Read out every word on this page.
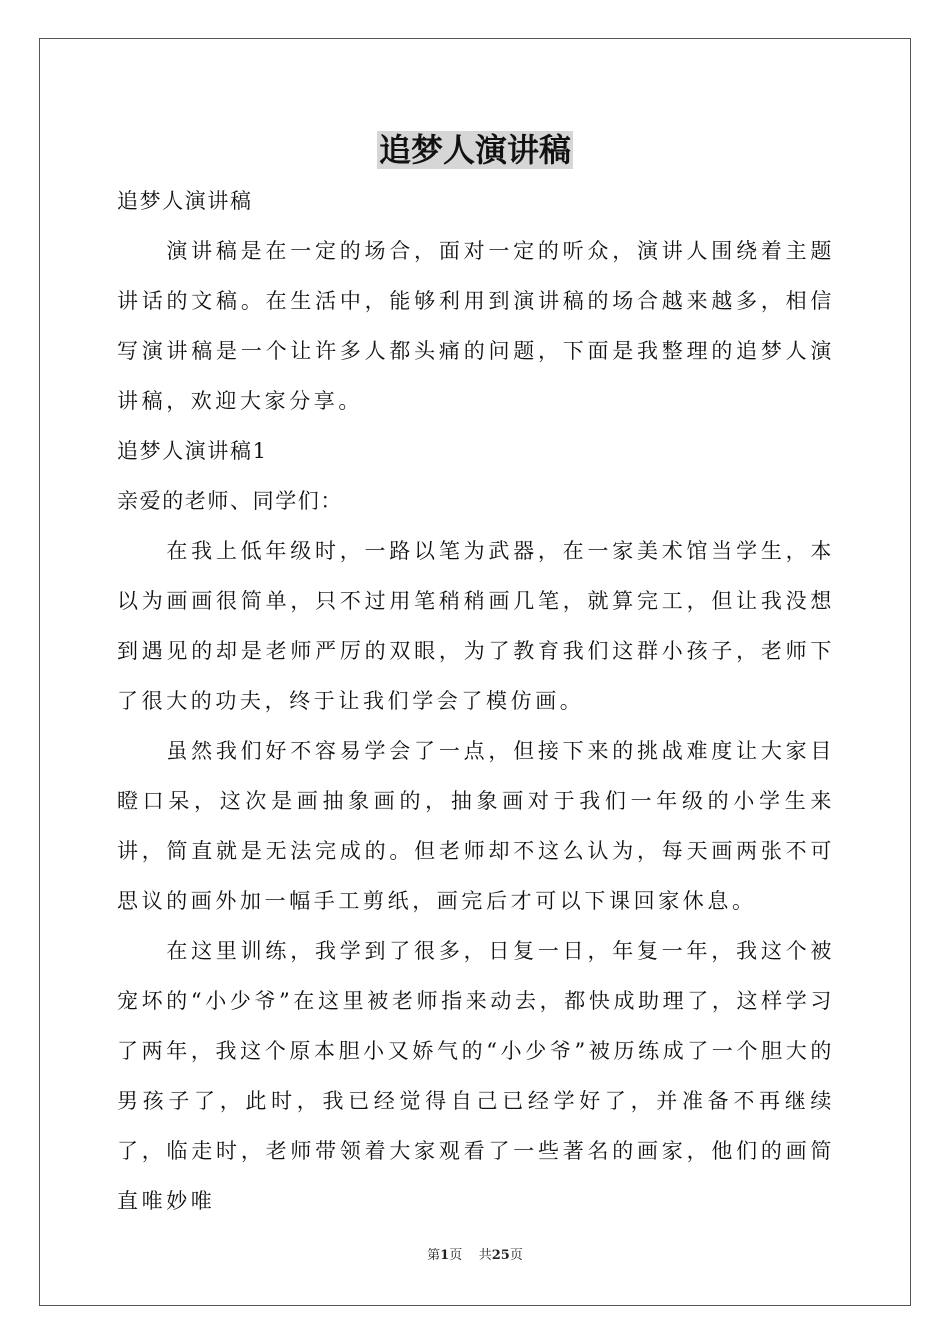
追梦人演讲稿

追梦人演讲稿

演讲稿是在一定的场合，面对一定的听众，演讲人围绕着主题讲话的文稿。在生活中，能够利用到演讲稿的场合越来越多，相信写演讲稿是一个让许多人都头痛的问题，下面是我整理的追梦人演讲稿，欢迎大家分享。

追梦人演讲稿1

亲爱的老师、同学们：

在我上低年级时，一路以笔为武器，在一家美术馆当学生，本以为画画很简单，只不过用笔稍稍画几笔，就算完工，但让我没想到遇见的却是老师严厉的双眼，为了教育我们这群小孩子，老师下了很大的功夫，终于让我们学会了模仿画。

虽然我们好不容易学会了一点，但接下来的挑战难度让大家目瞪口呆，这次是画抽象画的，抽象画对于我们一年级的小学生来讲，简直就是无法完成的。但老师却不这么认为，每天画两张不可思议的画外加一幅手工剪纸，画完后才可以下课回家休息。

在这里训练，我学到了很多，日复一日，年复一年，我这个被宠坏的“小少爷”在这里被老师指来动去，都快成助理了，这样学习了两年，我这个原本胆小又娇气的“小少爷”被历练成了一个胆大的男孩子了，此时，我已经觉得自己已经学好了，并准备不再继续了，临走时，老师带领着大家观看了一些著名的画家，他们的画简直唯妙唯

第1页 共25页
